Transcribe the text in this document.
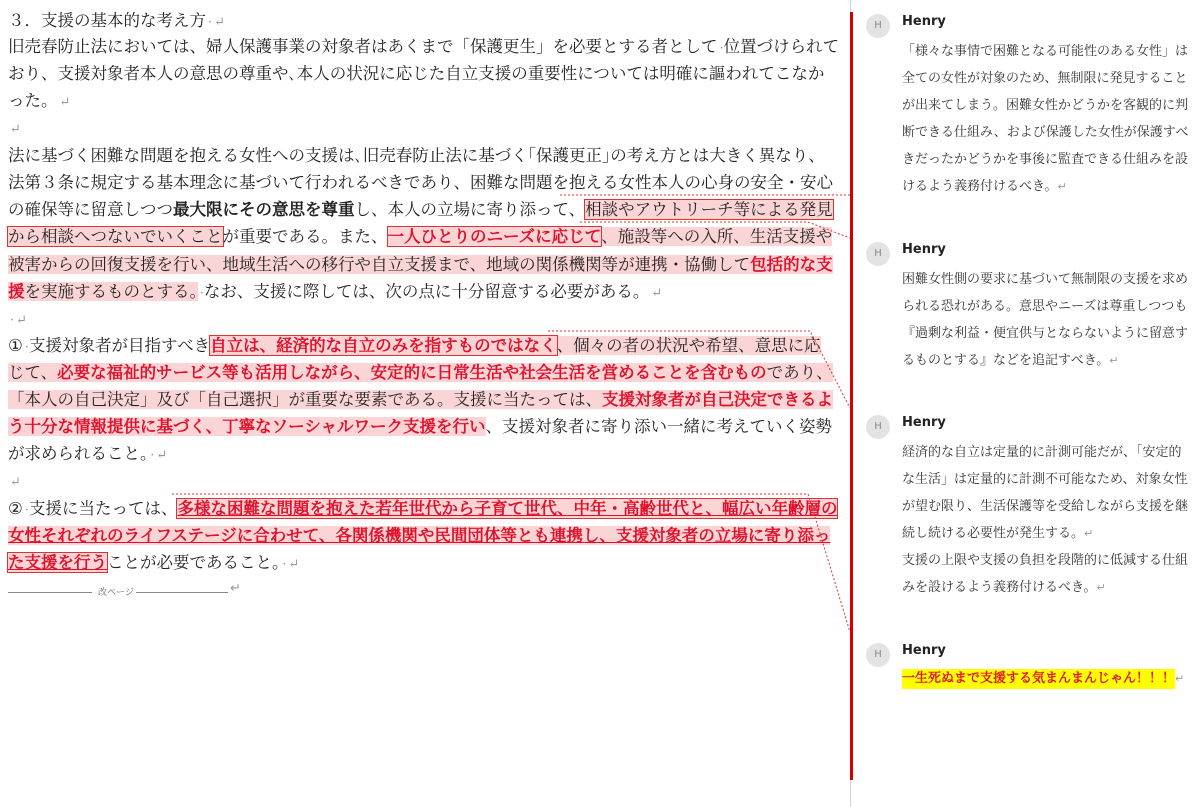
３．支援の基本的な考え方 · ↵
旧売春防止法においては、婦人保護事業の対象者はあくまで「保護更生」を必要とする者として ·位置づけられて
おり、支援対象者本人の意思の尊重や､本人の状況に応じた自立支援の重要性については明確に謳われてこなか
った。 ↵
↵
法に基づく困難な問題を抱える女性への支援は､旧売春防止法に基づく｢保護更正｣の考え方とは大きく異なり、
法第３条に規定する基本理念に基づいて行われるべきであり、困難な問題を抱える女性本人の心身の安全・安心
の確保等に留意しつつ最大限にその意思を尊重し、本人の立場に寄り添って、相談やアウトリーチ等による発見
から相談へつないでいくことが重要である。また、一人ひとりのニーズに応じて、施設等への入所、生活支援や
被害からの回復支援を行い、地域生活への移行や自立支援まで、地域の関係機関等が連携・協働して包括的な支
援を実施するものとする。 ·なお、支援に際しては、次の点に十分留意する必要がある。 ↵
· ↵
① ·支援対象者が目指すべき自立は、経済的な自立のみを指すものではなく、個々の者の状況や希望、意思に応
じて、必要な福祉的サービス等も活用しながら、安定的に日常生活や社会生活を営めることを含むものであり、
「本人の自己決定」及び「自己選択」が重要な要素である。支援に当たっては、支援対象者が自己決定できるよ
う十分な情報提供に基づく、丁寧なソーシャルワーク支援を行い、支援対象者に寄り添い一緒に考えていく姿勢
が求められること。 · ↵
↵
② ·支援に当たっては、多様な困難な問題を抱えた若年世代から子育て世代、中年・高齢世代と、幅広い年齢層の
女性それぞれのライフステージに合わせて、各関係機関や民間団体等とも連携し、支援対象者の立場に寄り添っ
た支援を行うことが必要であること。 · ↵
改ページ	↵
H	Henry

「様々な事情で困難となる可能性のある女性」は全ての女性が対象のため、無制限に発見することが出来てしまう。困難女性かどうかを客観的に判断できる仕組み、および保護した女性が保護すべきだったかどうかを事後に監査できる仕組みを設けるよう義務付けるべき。↵

H	Henry

困難女性側の要求に基づいて無制限の支援を求められる恐れがある。意思やニーズは尊重しつつも『過剰な利益・便宜供与とならないように留意するものとする』などを追記すべき。↵

H	Henry

経済的な自立は定量的に計測可能だが、「安定的な生活」は定量的に計測不可能なため、対象女性が望む限り、生活保護等を受給しながら支援を継続し続ける必要性が発生する。↵

支援の上限や支援の負担を段階的に低減する仕組みを設けるよう義務付けるべき。↵

H	Henry
一生死ぬまで支援する気まんまんじゃん！！！↵
